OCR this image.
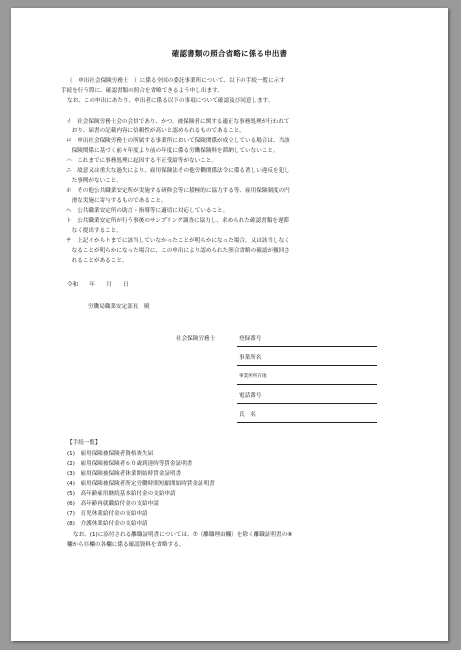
確認書類の照合省略に係る申出書
（　申出社会保険労務士　）に係る全国の委託事業所について、以下の手続一覧に示す
手続を行う際に、確認書類の照合を省略できるよう申し出ます。
なお、この申出にあたり、申出者に係る以下の事項について確認及び同意します。
イ　社会保険労務士会の会員であり、かつ、被保険者に関する適正な事務処理が行われて
　おり、届書の記載内容に信頼性が高いと認められるものであること。
ロ　申出社会保険労務士の所属する事業所において保険関係が成立している場合は、当該
　保険関係に基づく前々年度より前の年度に係る労働保険料を滞納していないこと。
ハ　これまでに事務処理に起因する不正受給等がないこと。
ニ　故意又は重大な過失により、雇用保険法その他労働関係法令に係る著しい違反を犯し
　た事例がないこと。
ホ　その他公共職業安定所が実施する研修会等に積極的に協力する等、雇用保険制度の円
　滑な実施に寄与するものであること。
へ　公共職業安定所の助言・指導等に適切に対応していること。
ト　公共職業安定所が行う事後のサンプリング調査に協力し、求められた確認書類を遅滞
　なく提出すること。
チ　上記イからトまでに該当していなかったことが明らかになった場合、又は該当しなく
　なることが明らかになった場合に、この申出により認められた照合省略の確認が撤回さ
　れることがあること。
令和　　年　　月　　日
労働局職業安定部長　殿
社会保険労務士	登録番号
事業所名
事業所所在地
電話番号
氏　名
【手続一覧】
(1)　雇用保険被保険者資格喪失届
(2)　雇用保険被保険者６０歳到達時等賃金証明書
(3)　雇用保険被保険者休業開始時賃金証明書
(4)　雇用保険被保険者所定労働時間短縮開始時賃金証明書
(5)　高年齢雇用継続基本給付金の支給申請
(6)　高年齢再就職給付金の支給申請
(7)　育児休業給付金の支給申請
(8)　介護休業給付金の支給申請
なお、(1)に添付される離職証明書については、⑦（離職理由欄）を除く離職証明書の⑧
欄から⑬欄の各欄に係る確認資料を省略する。
